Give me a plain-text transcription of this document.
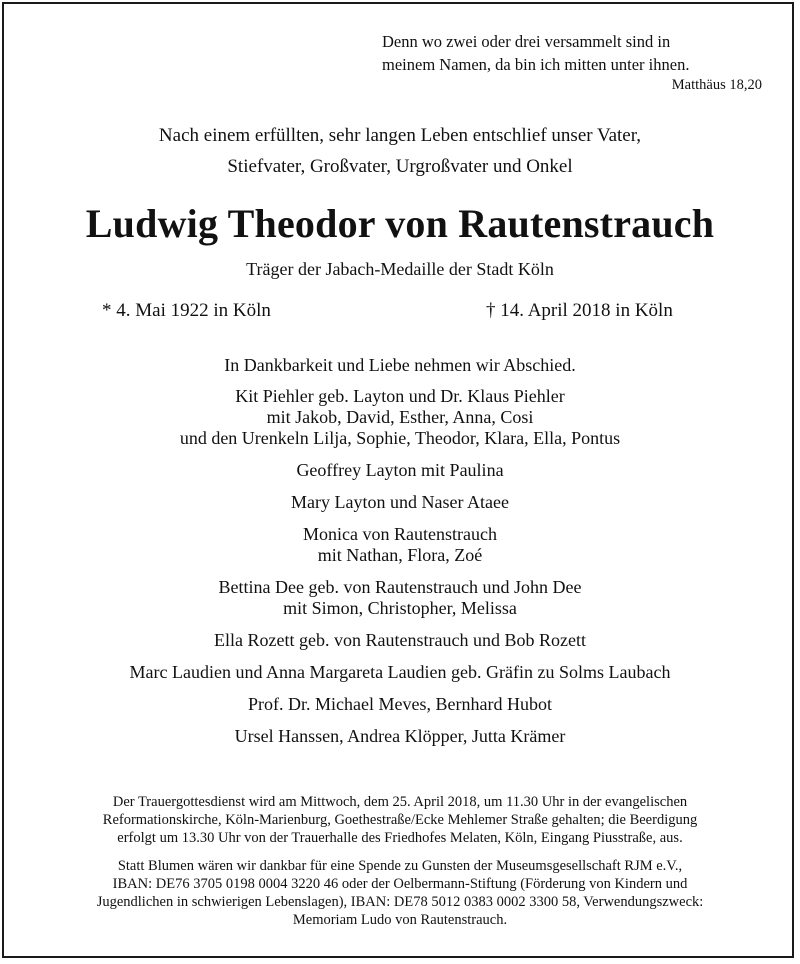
Denn wo zwei oder drei versammelt sind in
meinem Namen, da bin ich mitten unter ihnen.
Matthäus 18,20
Nach einem erfüllten, sehr langen Leben entschlief unser Vater,
Stiefvater, Großvater, Urgroßvater und Onkel
Ludwig Theodor von Rautenstrauch
Träger der Jabach-Medaille der Stadt Köln
* 4. Mai 1922 in Köln	† 14. April 2018 in Köln
In Dankbarkeit und Liebe nehmen wir Abschied.
Kit Piehler geb. Layton und Dr. Klaus Piehler
mit Jakob, David, Esther, Anna, Cosi
und den Urenkeln Lilja, Sophie, Theodor, Klara, Ella, Pontus
Geoffrey Layton mit Paulina
Mary Layton und Naser Ataee
Monica von Rautenstrauch
mit Nathan, Flora, Zoé
Bettina Dee geb. von Rautenstrauch und John Dee
mit Simon, Christopher, Melissa
Ella Rozett geb. von Rautenstrauch und Bob Rozett
Marc Laudien und Anna Margareta Laudien geb. Gräfin zu Solms Laubach
Prof. Dr. Michael Meves, Bernhard Hubot
Ursel Hanssen, Andrea Klöpper, Jutta Krämer
Der Trauergottesdienst wird am Mittwoch, dem 25. April 2018, um 11.30 Uhr in der evangelischen
Reformationskirche, Köln-Marienburg, Goethestraße/Ecke Mehlemer Straße gehalten; die Beerdigung
erfolgt um 13.30 Uhr von der Trauerhalle des Friedhofes Melaten, Köln, Eingang Piusstraße, aus.
Statt Blumen wären wir dankbar für eine Spende zu Gunsten der Museumsgesellschaft RJM e.V.,
IBAN: DE76 3705 0198 0004 3220 46 oder der Oelbermann-Stiftung (Förderung von Kindern und
Jugendlichen in schwierigen Lebenslagen), IBAN: DE78 5012 0383 0002 3300 58, Verwendungszweck:
Memoriam Ludo von Rautenstrauch.
